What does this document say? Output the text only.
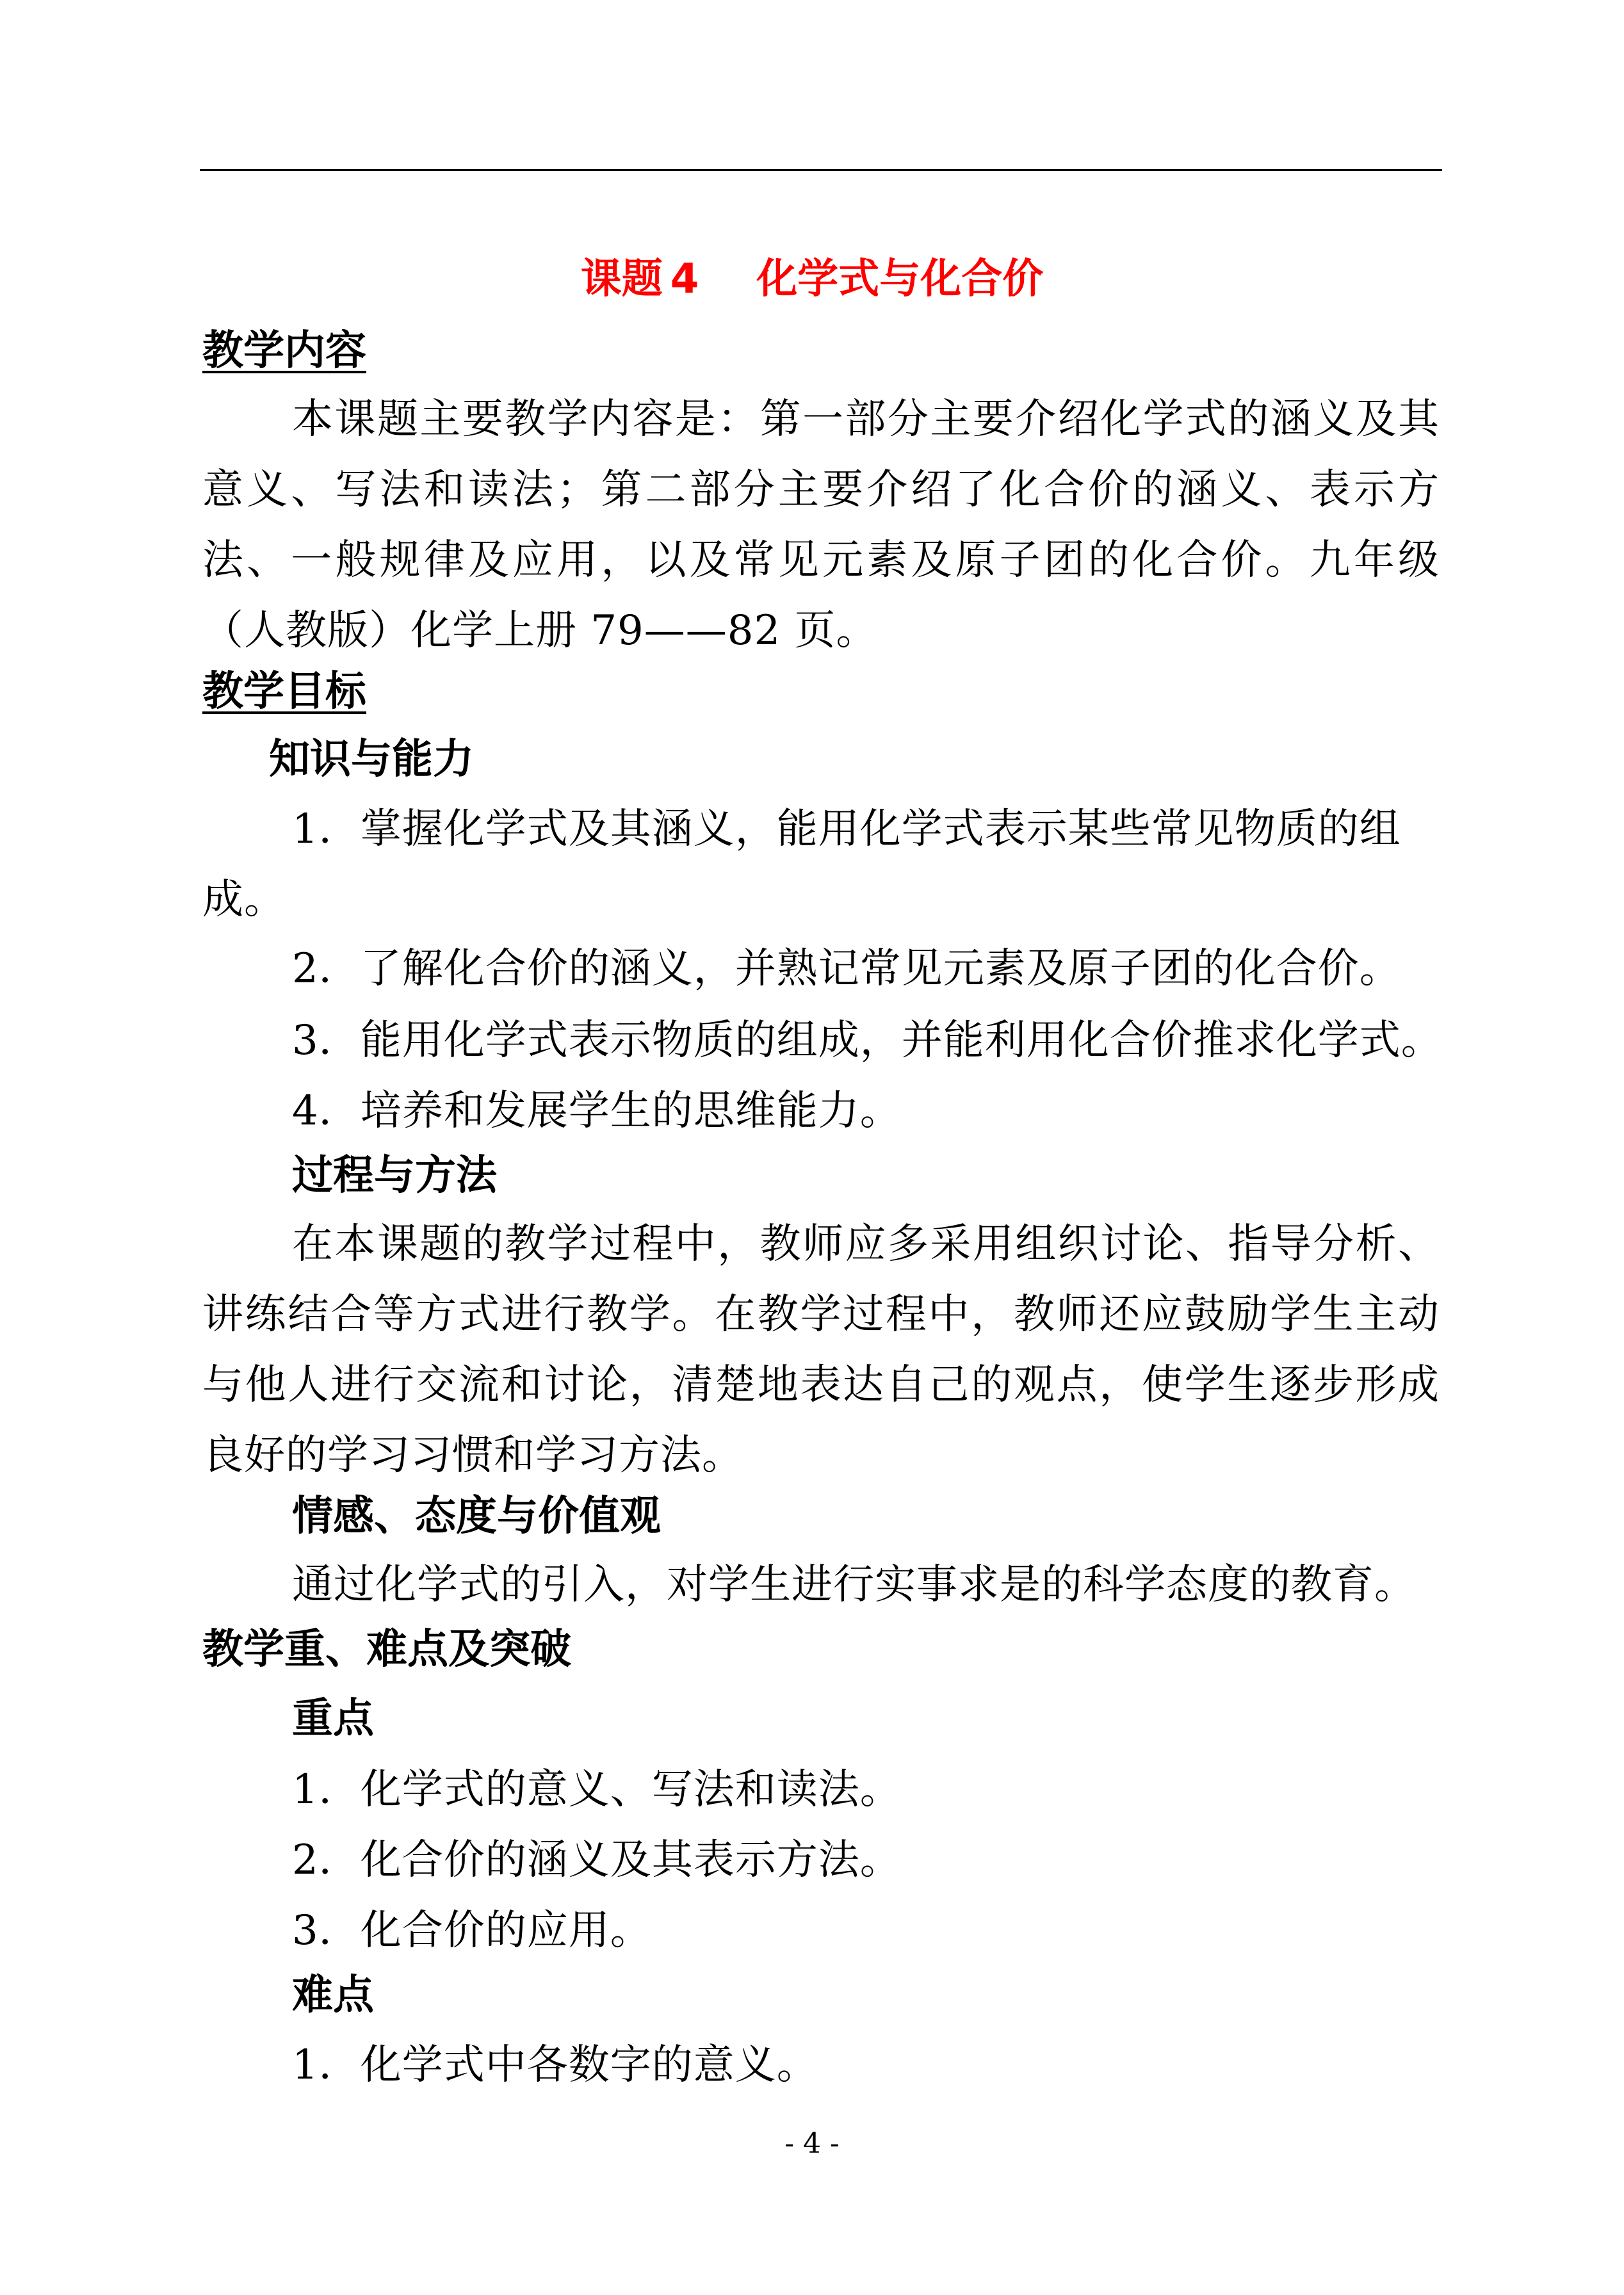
课题 4 化学式与化合价
教学内容
本课题主要教学内容是：第一部分主要介绍化学式的涵义及其意义、写法和读法；第二部分主要介绍了化合价的涵义、表示方法、一般规律及应用，以及常见元素及原子团的化合价。九年级（人教版）化学上册 79——82 页。
教学目标
知识与能力
1．掌握化学式及其涵义，能用化学式表示某些常见物质的组成。
2．了解化合价的涵义，并熟记常见元素及原子团的化合价。
3．能用化学式表示物质的组成，并能利用化合价推求化学式。
4．培养和发展学生的思维能力。
过程与方法
在本课题的教学过程中，教师应多采用组织讨论、指导分析、讲练结合等方式进行教学。在教学过程中，教师还应鼓励学生主动与他人进行交流和讨论，清楚地表达自己的观点，使学生逐步形成良好的学习习惯和学习方法。
情感、态度与价值观
通过化学式的引入，对学生进行实事求是的科学态度的教育。
教学重、难点及突破
重点
1．化学式的意义、写法和读法。
2．化合价的涵义及其表示方法。
3．化合价的应用。
难点
1．化学式中各数字的意义。
- 4 -
